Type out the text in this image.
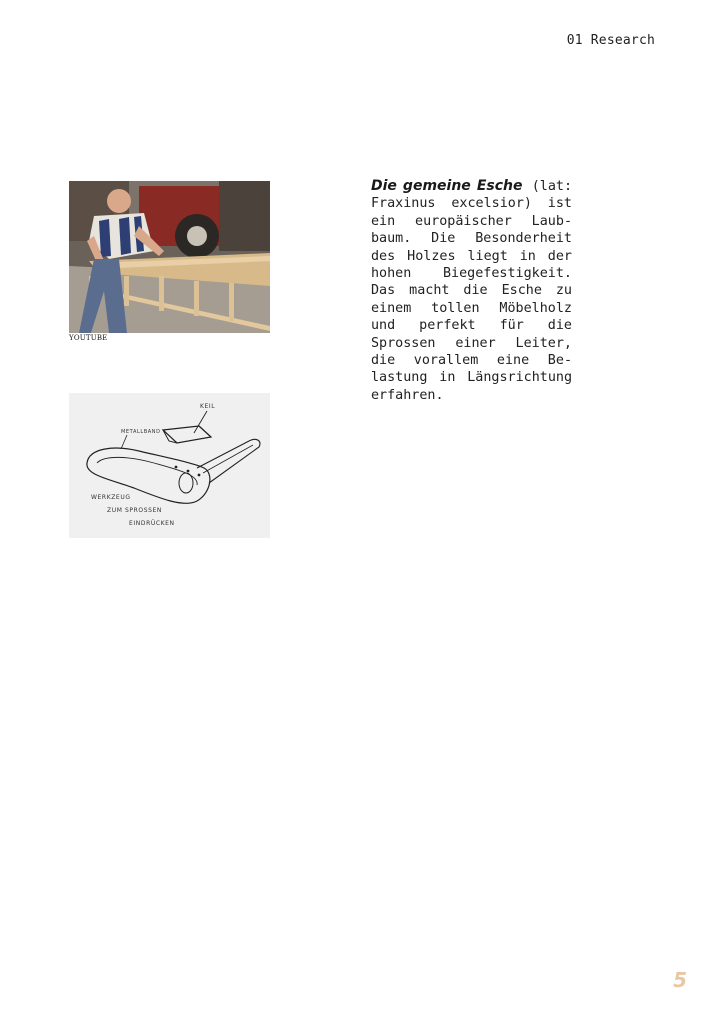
01 Research
YOUTUBE
KEIL
METALLBAND
WERKZEUG
ZUM SPROSSEN
EINDRÜCKEN

Die gemeine Esche (lat: Fraxinus excelsior) ist ein europäischer Laubbaum. Die Besonderheit des Holzes liegt in der hohen Biegefestigkeit. Das macht die Esche zu einem tollen Möbelholz und perfekt für die Sprossen einer Leiter, die vorallem eine Belastung in Längsrichtung erfahren.

5
